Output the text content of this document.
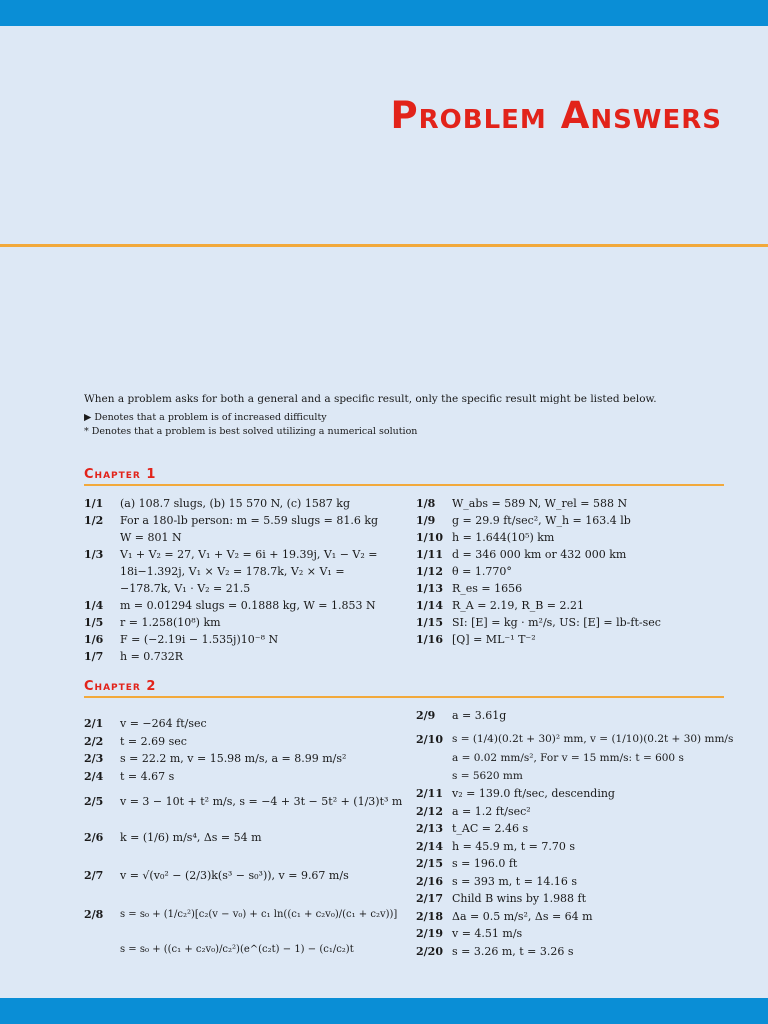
Problem Answers

When a problem asks for both a general and a specific result, only the specific result might be listed below.

▶ Denotes that a problem is of increased difficulty
* Denotes that a problem is best solved utilizing a numerical solution

Chapter 1
1/1	(a) 108.7 slugs, (b) 15 570 N, (c) 1587 kg
1/2	For a 180-lb person: m = 5.59 slugs = 81.6 kg
W = 801 N
1/3	V₁ + V₂ = 27, V₁ + V₂ = 6i + 19.39j, V₁ − V₂ =
18i−1.392j, V₁ × V₂ = 178.7k, V₂ × V₁ =
−178.7k, V₁ · V₂ = 21.5
1/4	m = 0.01294 slugs = 0.1888 kg, W = 1.853 N
1/5	r = 1.258(10⁸) km
1/6	F = (−2.19i − 1.535j)10⁻⁸ N
1/7	h = 0.732R
1/8	W_abs = 589 N, W_rel = 588 N
1/9	g = 29.9 ft/sec², W_h = 163.4 lb
1/10 h = 1.644(10⁵) km
1/11 d = 346 000 km or 432 000 km
1/12 θ = 1.770°
1/13 R_es = 1656
1/14 R_A = 2.19, R_B = 2.21
1/15 SI: [E] = kg · m²/s, US: [E] = lb-ft-sec
1/16 [Q] = ML⁻¹ T⁻²
Chapter 2
2/1	v = −264 ft/sec
2/2	t = 2.69 sec
2/3	s = 22.2 m, v = 15.98 m/s, a = 8.99 m/s²
2/4	t = 4.67 s
2/5	v = 3 − 10t + t² m/s, s = −4 + 3t − 5t² + (1/3)t³ m
2/6	k = (1/6) m/s⁴, Δs = 54 m
2/7	v = √(v₀² − (2/3)k(s³ − s₀³)), v = 9.67 m/s
2/8	s = s₀ + (1/c₂²)[c₂(v − v₀) + c₁ ln((c₁ + c₂v₀)/(c₁ + c₂v))]
s = s₀ + ((c₁ + c₂v₀)/c₂²)(e^(c₂t) − 1) − (c₁/c₂)t
2/9	a = 3.61g
2/10 s = (1/4)(0.2t + 30)² mm, v = (1/10)(0.2t + 30) mm/s
a = 0.02 mm/s², For v = 15 mm/s: t = 600 s
s = 5620 mm
2/11 v₂ = 139.0 ft/sec, descending
2/12 a = 1.2 ft/sec²
2/13 t_AC = 2.46 s
2/14 h = 45.9 m, t = 7.70 s
2/15 s = 196.0 ft
2/16 s = 393 m, t = 14.16 s
2/17 Child B wins by 1.988 ft
2/18 Δa = 0.5 m/s², Δs = 64 m
2/19 v = 4.51 m/s
2/20 s = 3.26 m, t = 3.26 s
